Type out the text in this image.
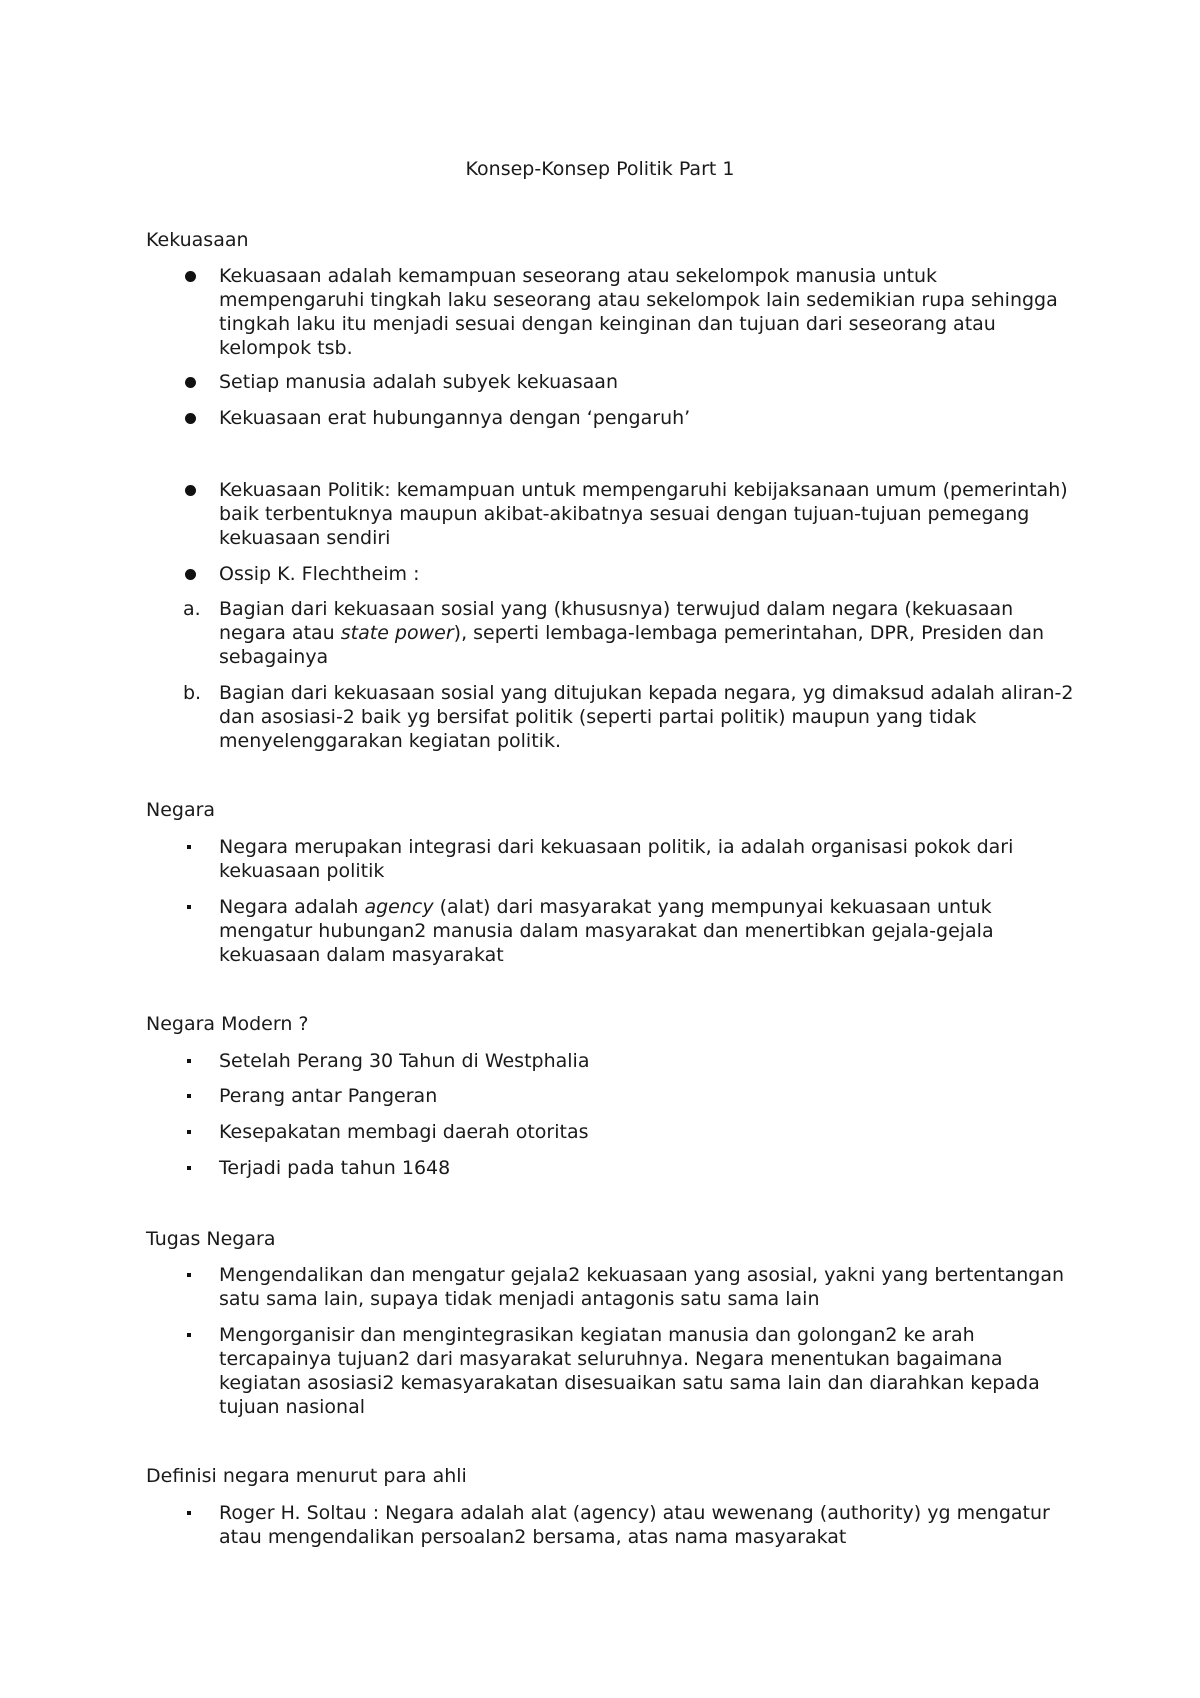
Konsep-Konsep Politik Part 1
Kekuasaan
Kekuasaan adalah kemampuan seseorang atau sekelompok manusia untuk mempengaruhi tingkah laku seseorang atau sekelompok lain sedemikian rupa sehingga tingkah laku itu menjadi sesuai dengan keinginan dan tujuan dari seseorang atau kelompok tsb.
Setiap manusia adalah subyek kekuasaan
Kekuasaan erat hubungannya dengan ‘pengaruh’
Kekuasaan Politik: kemampuan untuk mempengaruhi kebijaksanaan umum (pemerintah) baik terbentuknya maupun akibat-akibatnya sesuai dengan tujuan-tujuan pemegang kekuasaan sendiri
Ossip K. Flechtheim :
a. Bagian dari kekuasaan sosial yang (khususnya) terwujud dalam negara (kekuasaan negara atau state power), seperti lembaga-lembaga pemerintahan, DPR, Presiden dan sebagainya
b. Bagian dari kekuasaan sosial yang ditujukan kepada negara, yg dimaksud adalah aliran-2 dan asosiasi-2 baik yg bersifat politik (seperti partai politik) maupun yang tidak menyelenggarakan kegiatan politik.
Negara
Negara merupakan integrasi dari kekuasaan politik, ia adalah organisasi pokok dari kekuasaan politik
Negara adalah agency (alat) dari masyarakat yang mempunyai kekuasaan untuk mengatur hubungan2 manusia dalam masyarakat dan menertibkan gejala-gejala kekuasaan dalam masyarakat
Negara Modern ?
Setelah Perang 30 Tahun di Westphalia
Perang antar Pangeran
Kesepakatan membagi daerah otoritas
Terjadi pada tahun 1648
Tugas Negara
Mengendalikan dan mengatur gejala2 kekuasaan yang asosial, yakni yang bertentangan satu sama lain, supaya tidak menjadi antagonis satu sama lain
Mengorganisir dan mengintegrasikan kegiatan manusia dan golongan2 ke arah tercapainya tujuan2 dari masyarakat seluruhnya. Negara menentukan bagaimana kegiatan asosiasi2 kemasyarakatan disesuaikan satu sama lain dan diarahkan kepada tujuan nasional
Definisi negara menurut para ahli
Roger H. Soltau : Negara adalah alat (agency) atau wewenang (authority) yg mengatur atau mengendalikan persoalan2 bersama, atas nama masyarakat
